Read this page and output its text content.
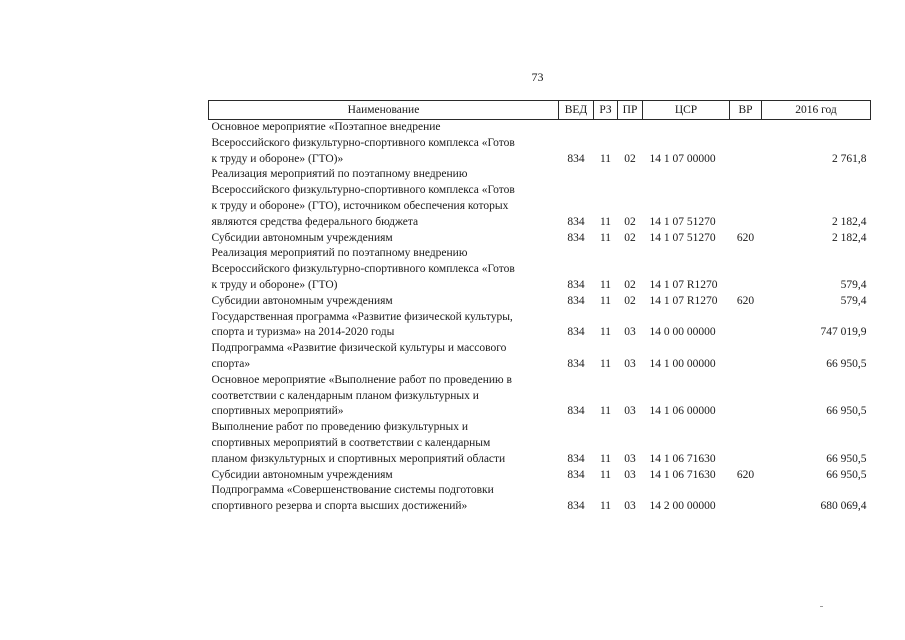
73
Наименование	ВЕД	РЗ	ПР	ЦСР	ВР	2016 год
Основное мероприятие «Поэтапное внедрение
Всероссийского физкультурно-спортивного комплекса «Готов
к труду и обороне» (ГТО)»	834	11	02	14 1 07 00000		2 761,8
Реализация мероприятий по поэтапному внедрению
Всероссийского физкультурно-спортивного комплекса «Готов
к труду и обороне» (ГТО), источником обеспечения которых
являются средства федерального бюджета	834	11	02	14 1 07 51270		2 182,4
Субсидии автономным учреждениям	834	11	02	14 1 07 51270	620	2 182,4
Реализация мероприятий по поэтапному внедрению
Всероссийского физкультурно-спортивного комплекса «Готов
к труду и обороне» (ГТО)	834	11	02	14 1 07 R1270		579,4
Субсидии автономным учреждениям	834	11	02	14 1 07 R1270	620	579,4
Государственная программа «Развитие физической культуры,
спорта и туризма» на 2014-2020 годы	834	11	03	14 0 00 00000		747 019,9
Подпрограмма «Развитие физической культуры и массового
спорта»	834	11	03	14 1 00 00000		66 950,5
Основное мероприятие «Выполнение работ по проведению в
соответствии с календарным планом физкультурных и
спортивных мероприятий»	834	11	03	14 1 06 00000		66 950,5
Выполнение работ по проведению физкультурных и
спортивных мероприятий в соответствии с календарным
планом физкультурных и спортивных мероприятий области	834	11	03	14 1 06 71630		66 950,5
Субсидии автономным учреждениям	834	11	03	14 1 06 71630	620	66 950,5
Подпрограмма «Совершенствование системы подготовки
спортивного резерва и спорта высших достижений»	834	11	03	14 2 00 00000		680 069,4
